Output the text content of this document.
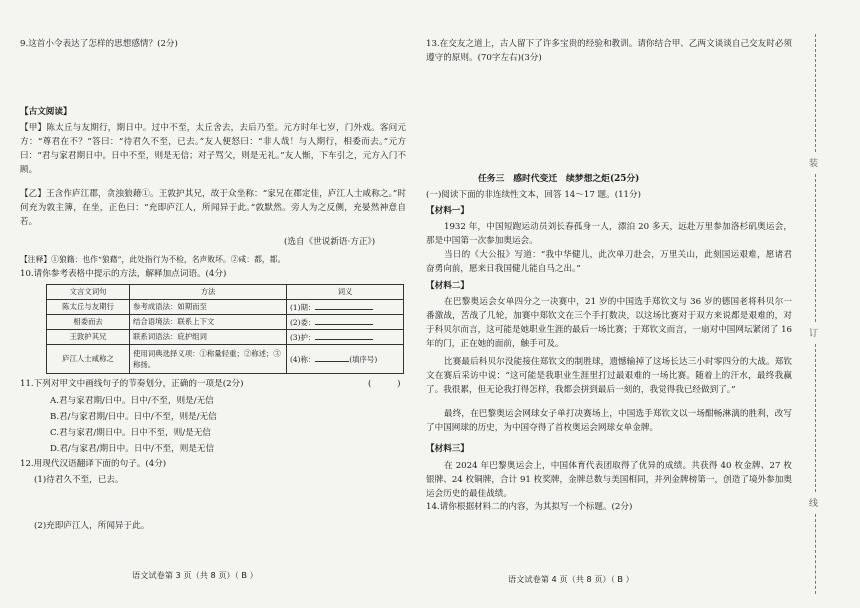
9.这首小令表达了怎样的思想感情？(2分)
【古文阅读】
【甲】陈太丘与友期行，期日中。过中不至，太丘舍去，去后乃至。元方时年七岁，门外戏。客问元方：“尊君在不？”答曰：“待君久不至，已去。”友人便怒曰：“非人哉！与人期行，相委而去。”元方曰：“君与家君期日中。日中不至，则是无信；对子骂父，则是无礼。”友人惭，下车引之，元方入门不顾。
【乙】王含作庐江郡，贪浊狼藉①。王敦护其兄，故于众坐称：“家兄在郡定佳，庐江人士咸称之。”时何充为敦主簿，在坐，正色曰：“充即庐江人，所闻异于此。”敦默然。旁人为之反侧，充晏然神意自若。
(选自《世说新语·方正》)
【注释】①狼籍：也作“狼藉”，此处指行为不检，名声败坏。②咸：都，都。
10.请你参考表格中提示的方法，解释加点词语。(4分)
文言文词句	方法	词义
陈太丘与友期行	参考成语法：如期而至	(1)期：
相委而去	结合语境法：联系上下文	(2)委：
王敦护其兄	联系词语法：庇护组词	(3)护：
庐江人士咸称之	使用词典选择义项：①称量轻重；②称述；③称扬。	(4)称： (填序号)
11.下列对甲文中画线句子的节奏划分，正确的一项是(2分)	(　　　)
A.君与家君期/日中。日中/不至，则是/无信
B.君/与家君期/日中。日中/不至，则是/无信
C.君与家君/期日中。日中不至，则/是无信
D.君/与家君/期日中。日中/不至，则是无信
12.用现代汉语翻译下面的句子。(4分)
(1)待君久不至，已去。
(2)充即庐江人，所闻异于此。
语文试卷第 3 页（共 8 页）（ B ）
13.在交友之道上，古人留下了许多宝贵的经验和教训。请你结合甲、乙两文谈谈自己交友时必须遵守的原则。(70字左右)(3分)
任务三　感时代变迁　续梦想之炬(25分)
(一)阅读下面的非连续性文本，回答 14～17 题。(11分)
【材料一】
1932 年，中国短跑运动员刘长春孤身一人，漂泊 20 多天，远赴万里参加洛杉矶奥运会，那是中国第一次参加奥运会。
当日的《大公报》写道：“我中华健儿，此次单刀赴会，万里关山，此刻国运艰难，愿诸君奋勇向前，愿来日我国健儿能自马之出。”
【材料二】
在巴黎奥运会女单四分之一决赛中，21 岁的中国选手郑钦文与 36 岁的德国老将科贝尔一番激战，苦战了几轮，加赛中郑钦文在三个手打数决，以这场比赛对于双方来说都是艰难的，对于科贝尔而言，这可能是她职业生涯的最后一场比赛；于郑钦文而言，一扇对中国网坛紧闭了 16 年的门，正在她的面前，触手可及。
比赛最后科贝尔没能接住郑钦文的制胜球，遗憾输掉了这场长达三小时零四分的大战。郑钦文在赛后采访中说：“这可能是我职业生涯里打过最艰难的一场比赛。随着上的汗水，最终我赢了。我很累，但无论我打得怎样，我都会拼到最后一刻的，我觉得我已经做到了。”
最终，在巴黎奥运会网球女子单打决赛场上，中国选手郑钦文以一场酣畅淋漓的胜利，改写了中国网球的历史，为中国夺得了首枚奥运会网球女单金牌。
【材料三】
在 2024 年巴黎奥运会上，中国体育代表团取得了优异的成绩。共获得 40 枚金牌、27 枚银牌、24 枚铜牌，合计 91 枚奖牌，金牌总数与美国相同，并列金牌榜第一，创造了境外参加奥运会历史的最佳战绩。
14.请你根据材料二的内容，为其拟写一个标题。(2分)
语文试卷第 4 页（共 8 页）（ B ）
装
订
线
